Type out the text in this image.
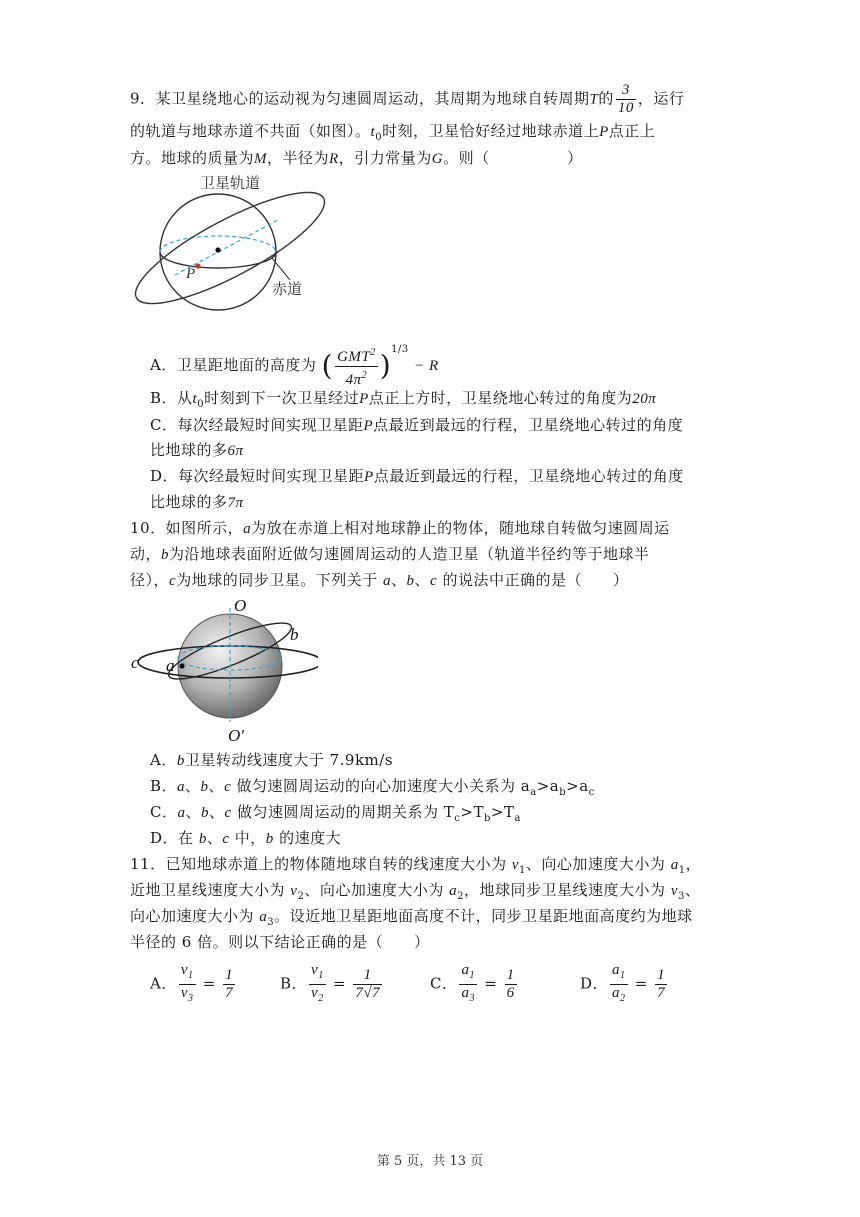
9．某卫星绕地心的运动视为匀速圆周运动，其周期为地球自转周期T的 $\frac{3}{10}$ ，运行
的轨道与地球赤道不共面（如图）。$t_0$时刻，卫星恰好经过地球赤道上P点正上
方。地球的质量为M，半径为R，引力常量为G。则（　　　　　）
卫星轨道
赤道
P
A．卫星距地面的高度为 ( $\frac{GMT^2}{4\pi^2} )^{1/3} - R$
B．从$t_0$时刻到下一次卫星经过P点正上方时，卫星绕地心转过的角度为20π
C．每次经最短时间实现卫星距P点最近到最远的行程，卫星绕地心转过的角度
比地球的多6π
D．每次经最短时间实现卫星距P点最近到最远的行程，卫星绕地心转过的角度
比地球的多7π
10．如图所示，a为放在赤道上相对地球静止的物体，随地球自转做匀速圆周运
动，b为沿地球表面附近做匀速圆周运动的人造卫星（轨道半径约等于地球半
径），c为地球的同步卫星。下列关于 a、b、c 的说法中正确的是（　　）
O
O′
b
c a
A．b卫星转动线速度大于 7.9km/s
B．a、b、c 做匀速圆周运动的向心加速度大小关系为 $a_a>a_b>a_c$
C．a、b、c 做匀速圆周运动的周期关系为 $T_c>T_b>T_a$
D．在 b、c 中，b 的速度大
11．已知地球赤道上的物体随地球自转的线速度大小为 $v_1$、向心加速度大小为 $a_1$，
近地卫星线速度大小为 $v_2$、向心加速度大小为 $a_2$，地球同步卫星线速度大小为 $v_3$、
向心加速度大小为 $a_3$。设近地卫星距地面高度不计，同步卫星距地面高度约为地球
半径的 6 倍。则以下结论正确的是（　　）
A． $\frac{v_1}{v_3} = \frac{1}{7}$	B． $\frac{v_1}{v_2} = \frac{1}{7√7}$	C． $\frac{a_1}{a_3} = \frac{1}{6}$	D． $\frac{a_1}{a_2} = \frac{1}{7}$
第 5 页，共 13 页
